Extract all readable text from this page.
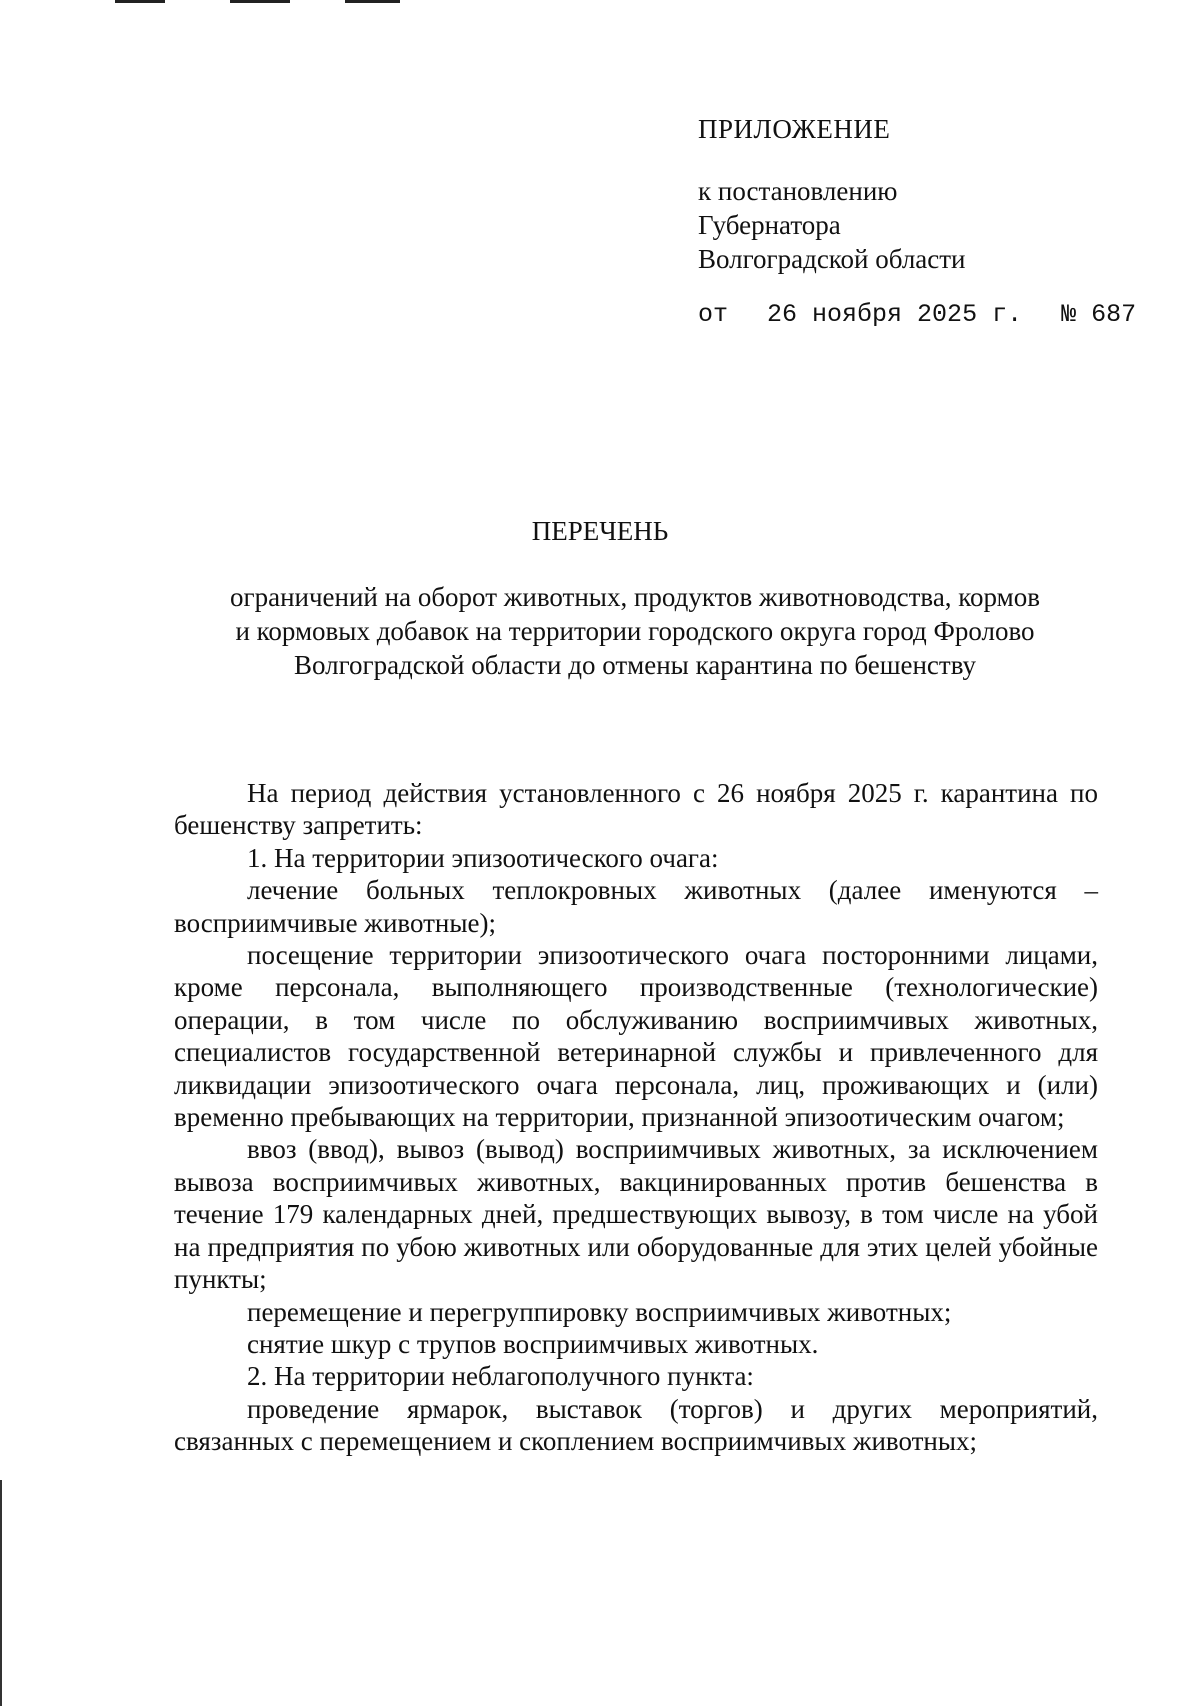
ПРИЛОЖЕНИЕ
к постановлению
Губернатора
Волгоградской области
от 26 ноября 2025 г. № 687
ПЕРЕЧЕНЬ
ограничений на оборот животных, продуктов животноводства, кормов
и кормовых добавок на территории городского округа город Фролово
Волгоградской области до отмены карантина по бешенству

На период действия установленного с 26 ноября 2025 г. карантина по бешенству запретить:

1. На территории эпизоотического очага:

лечение больных теплокровных животных (далее именуются – восприимчивые животные);

посещение территории эпизоотического очага посторонними лицами, кроме персонала, выполняющего производственные (технологические) операции, в том числе по обслуживанию восприимчивых животных, специалистов государственной ветеринарной службы и привлеченного для ликвидации эпизоотического очага персонала, лиц, проживающих и (или) временно пребывающих на территории, признанной эпизоотическим очагом;

ввоз (ввод), вывоз (вывод) восприимчивых животных, за исключением вывоза восприимчивых животных, вакцинированных против бешенства в течение 179 календарных дней, предшествующих вывозу, в том числе на убой на предприятия по убою животных или оборудованные для этих целей убойные пункты;

перемещение и перегруппировку восприимчивых животных;

снятие шкур с трупов восприимчивых животных.

2. На территории неблагополучного пункта:

проведение ярмарок, выставок (торгов) и других мероприятий, связанных с перемещением и скоплением восприимчивых животных;
